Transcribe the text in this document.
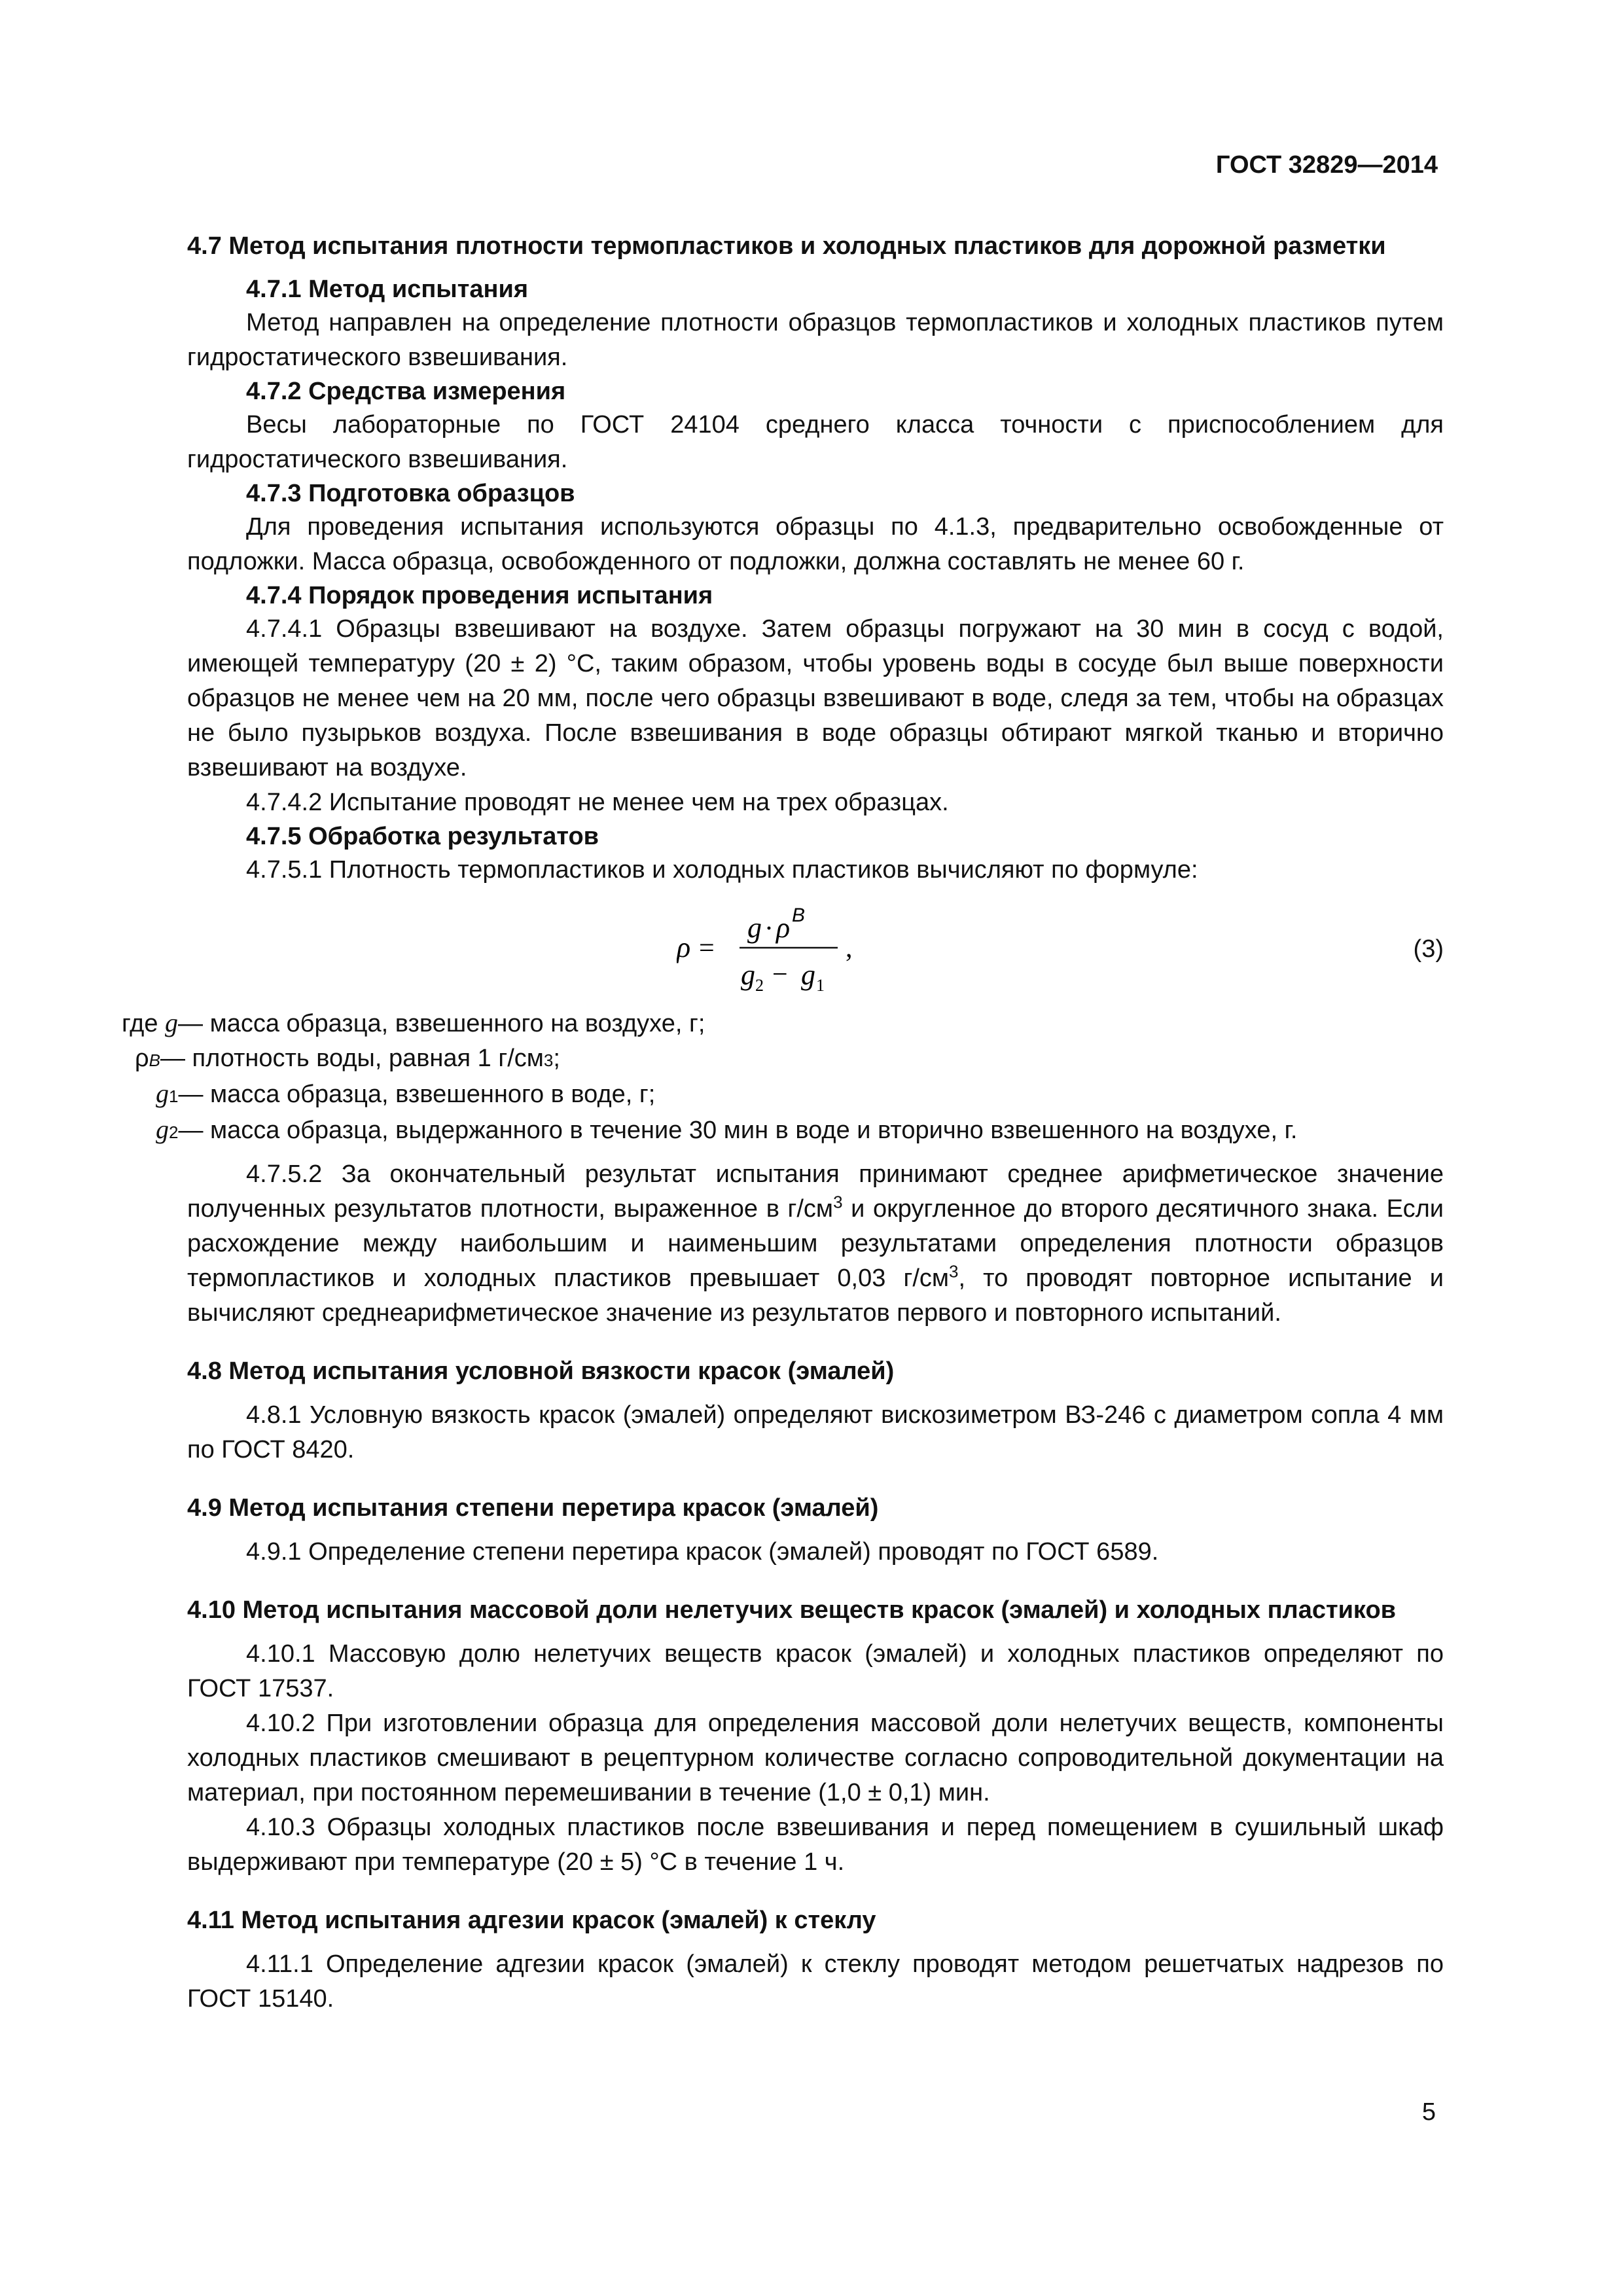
ГОСТ 32829—2014
4.7 Метод испытания плотности термопластиков и холодных пластиков для дорожной разметки
4.7.1 Метод испытания

Метод направлен на определение плотности образцов термопластиков и холодных пластиков путем гидростатического взвешивания.

4.7.2 Средства измерения

Весы лабораторные по ГОСТ 24104 среднего класса точности с приспособлением для гидростатического взвешивания.

4.7.3 Подготовка образцов

Для проведения испытания используются образцы по 4.1.3, предварительно освобожденные от подложки. Масса образца, освобожденного от подложки, должна составлять не менее 60 г.

4.7.4 Порядок проведения испытания

4.7.4.1 Образцы взвешивают на воздухе. Затем образцы погружают на 30 мин в сосуд с водой, имеющей температуру (20 ± 2) °С, таким образом, чтобы уровень воды в сосуде был выше поверхности образцов не менее чем на 20 мм, после чего образцы взвешивают в воде, следя за тем, чтобы на образцах не было пузырьков воздуха. После взвешивания в воде образцы обтирают мягкой тканью и вторично взвешивают на воздухе.

4.7.4.2 Испытание проводят не менее чем на трех образцах.

4.7.5 Обработка результатов

4.7.5.1 Плотность термопластиков и холодных пластиков вычисляют по формуле:

ρ =
g · ρ В
g 2 − g 1
,	(3)
где
g — масса образца, взвешенного на воздухе, г;
ρ В — плотность воды, равная 1 г/см 3 ;
g 1 — масса образца, взвешенного в воде, г;
g 2 — масса образца, выдержанного в течение 30 мин в воде и вторично взвешенного на воздухе, г.

4.7.5.2 За окончательный результат испытания принимают среднее арифметическое значение полученных результатов плотности, выраженное в $г/см^3$ и округленное до второго десятичного знака. Если расхождение между наибольшим и наименьшим результатами определения плотности образцов термопластиков и холодных пластиков превышает 0,03 $г/см^3$, то проводят повторное испытание и вычисляют среднеарифметическое значение из результатов первого и повторного испытаний.

4.8 Метод испытания условной вязкости красок (эмалей)

4.8.1 Условную вязкость красок (эмалей) определяют вискозиметром ВЗ-246 с диаметром сопла 4 мм по ГОСТ 8420.

4.9 Метод испытания степени перетира красок (эмалей)

4.9.1 Определение степени перетира красок (эмалей) проводят по ГОСТ 6589.

4.10 Метод испытания массовой доли нелетучих веществ красок (эмалей) и холодных пластиков

4.10.1 Массовую долю нелетучих веществ красок (эмалей) и холодных пластиков определяют по ГОСТ 17537.

4.10.2 При изготовлении образца для определения массовой доли нелетучих веществ, компоненты холодных пластиков смешивают в рецептурном количестве согласно сопроводительной документации на материал, при постоянном перемешивании в течение (1,0 ± 0,1) мин.

4.10.3 Образцы холодных пластиков после взвешивания и перед помещением в сушильный шкаф выдерживают при температуре (20 ± 5) °С в течение 1 ч.

4.11 Метод испытания адгезии красок (эмалей) к стеклу

4.11.1 Определение адгезии красок (эмалей) к стеклу проводят методом решетчатых надрезов по ГОСТ 15140.

5
